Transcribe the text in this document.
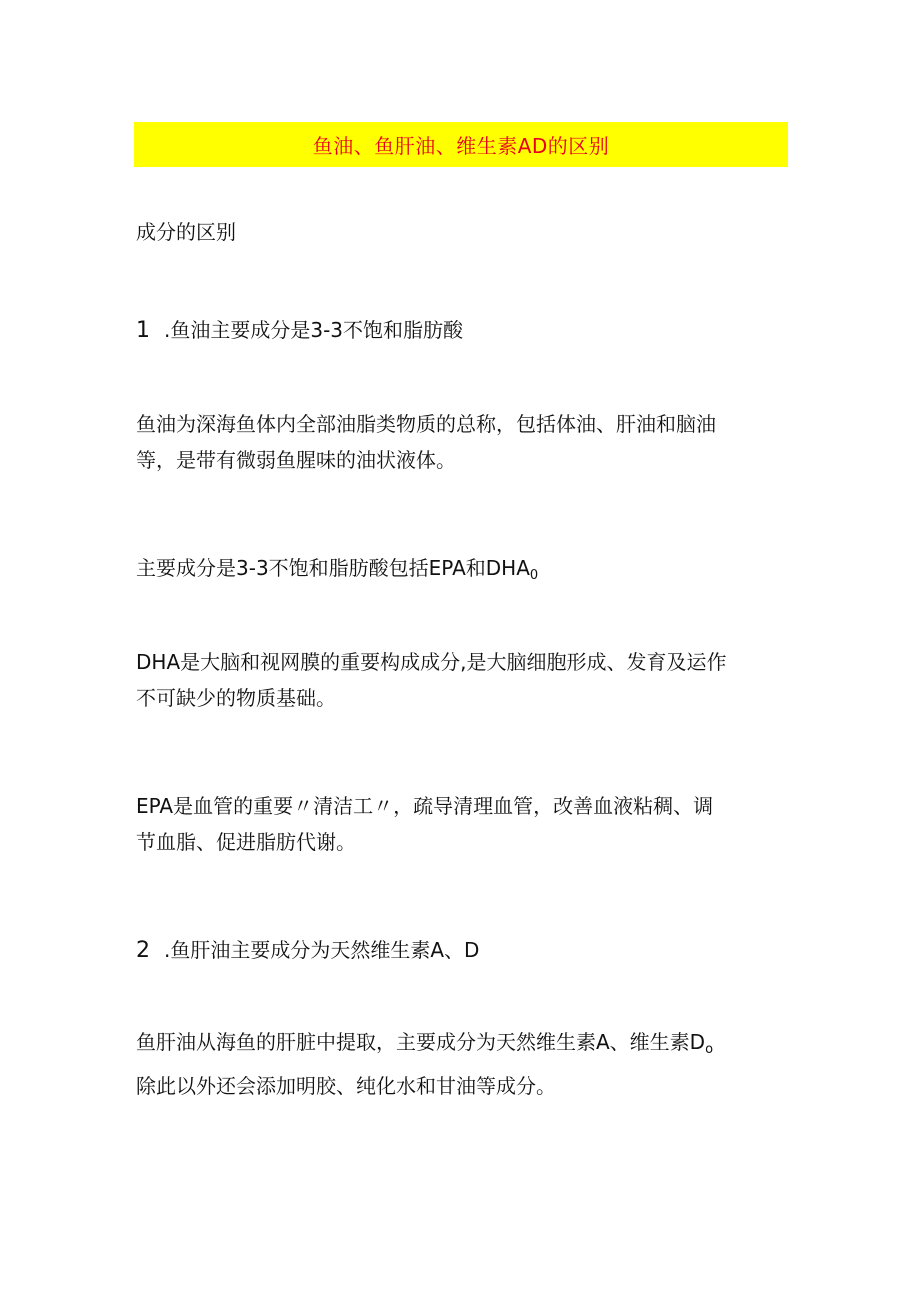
鱼油、鱼肝油、维生素AD的区别

成分的区别

1 .鱼油主要成分是3-3不饱和脂肪酸

鱼油为深海鱼体内全部油脂类物质的总称，包括体油、肝油和脑油

等，是带有微弱鱼腥味的油状液体。

主要成分是3-3不饱和脂肪酸包括EPA和$DHA_0$

DHA是大脑和视网膜的重要构成成分,是大脑细胞形成、发育及运作

不可缺少的物质基础。

EPA是血管的重要〃清洁工〃，疏导清理血管，改善血液粘稠、调

节血脂、促进脂肪代谢。

2 .鱼肝油主要成分为天然维生素A、D

鱼肝油从海鱼的肝脏中提取，主要成分为天然维生素A、维生素$D_o$

除此以外还会添加明胶、纯化水和甘油等成分。
